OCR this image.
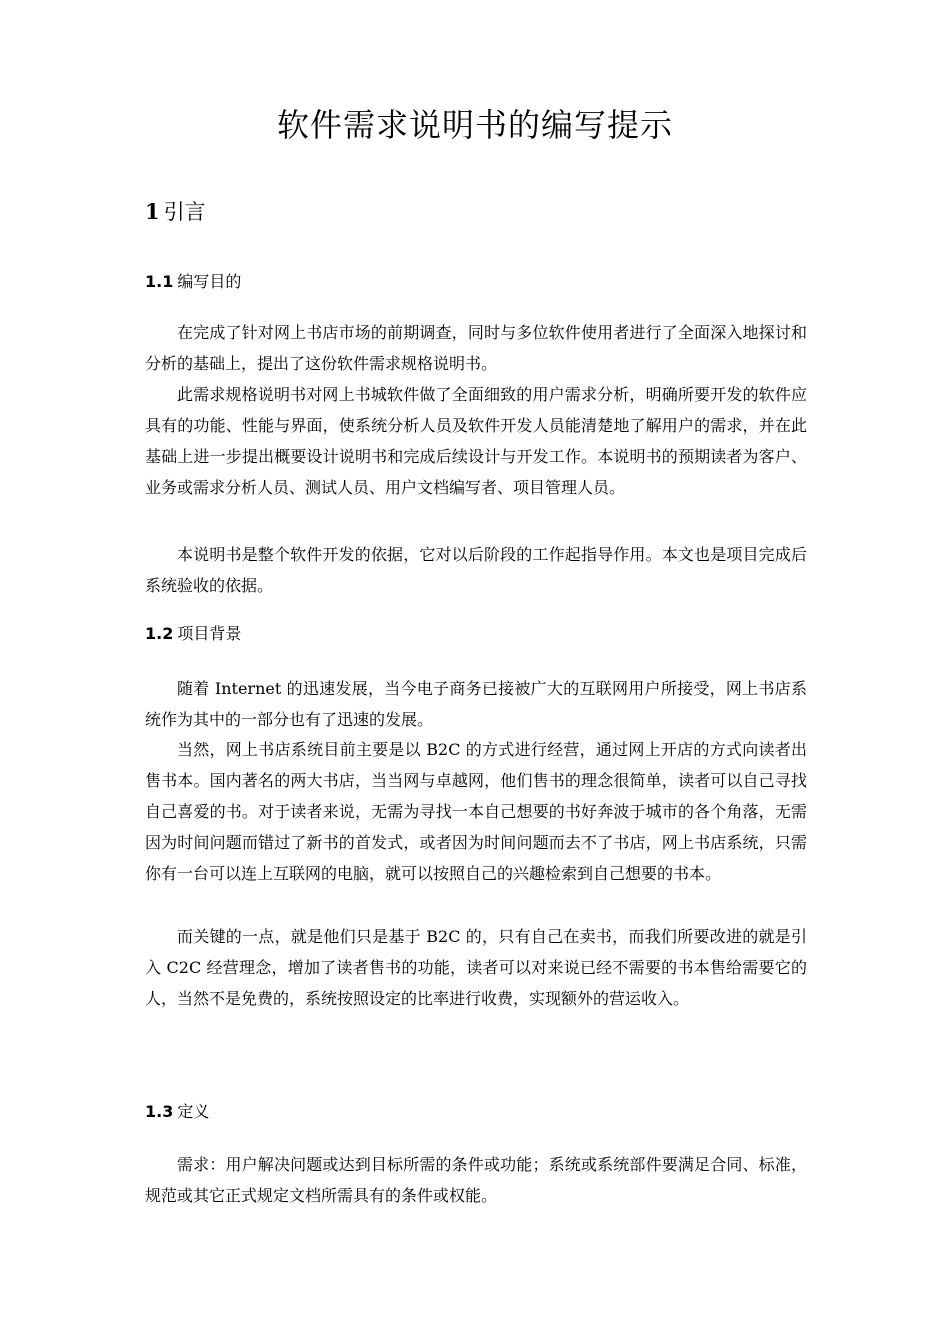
软件需求说明书的编写提示
1 引言
1.1 编写目的

在完成了针对网上书店市场的前期调查，同时与多位软件使用者进行了全面深入地探讨和分析的基础上，提出了这份软件需求规格说明书。

此需求规格说明书对网上书城软件做了全面细致的用户需求分析，明确所要开发的软件应具有的功能、性能与界面，使系统分析人员及软件开发人员能清楚地了解用户的需求，并在此基础上进一步提出概要设计说明书和完成后续设计与开发工作。本说明书的预期读者为客户、业务或需求分析人员、测试人员、用户文档编写者、项目管理人员。

本说明书是整个软件开发的依据，它对以后阶段的工作起指导作用。本文也是项目完成后系统验收的依据。

1.2 项目背景

随着 Internet 的迅速发展，当今电子商务已接被广大的互联网用户所接受，网上书店系统作为其中的一部分也有了迅速的发展。

当然，网上书店系统目前主要是以 B2C 的方式进行经营，通过网上开店的方式向读者出售书本。国内著名的两大书店，当当网与卓越网，他们售书的理念很简单，读者可以自己寻找自己喜爱的书。对于读者来说，无需为寻找一本自己想要的书好奔波于城市的各个角落，无需因为时间问题而错过了新书的首发式，或者因为时间问题而去不了书店，网上书店系统，只需你有一台可以连上互联网的电脑，就可以按照自己的兴趣检索到自己想要的书本。

而关键的一点，就是他们只是基于 B2C 的，只有自己在卖书，而我们所要改进的就是引入 C2C 经营理念，增加了读者售书的功能，读者可以对来说已经不需要的书本售给需要它的人，当然不是免费的，系统按照设定的比率进行收费，实现额外的营运收入。

1.3 定义

需求：用户解决问题或达到目标所需的条件或功能；系统或系统部件要满足合同、标准，规范或其它正式规定文档所需具有的条件或权能。
